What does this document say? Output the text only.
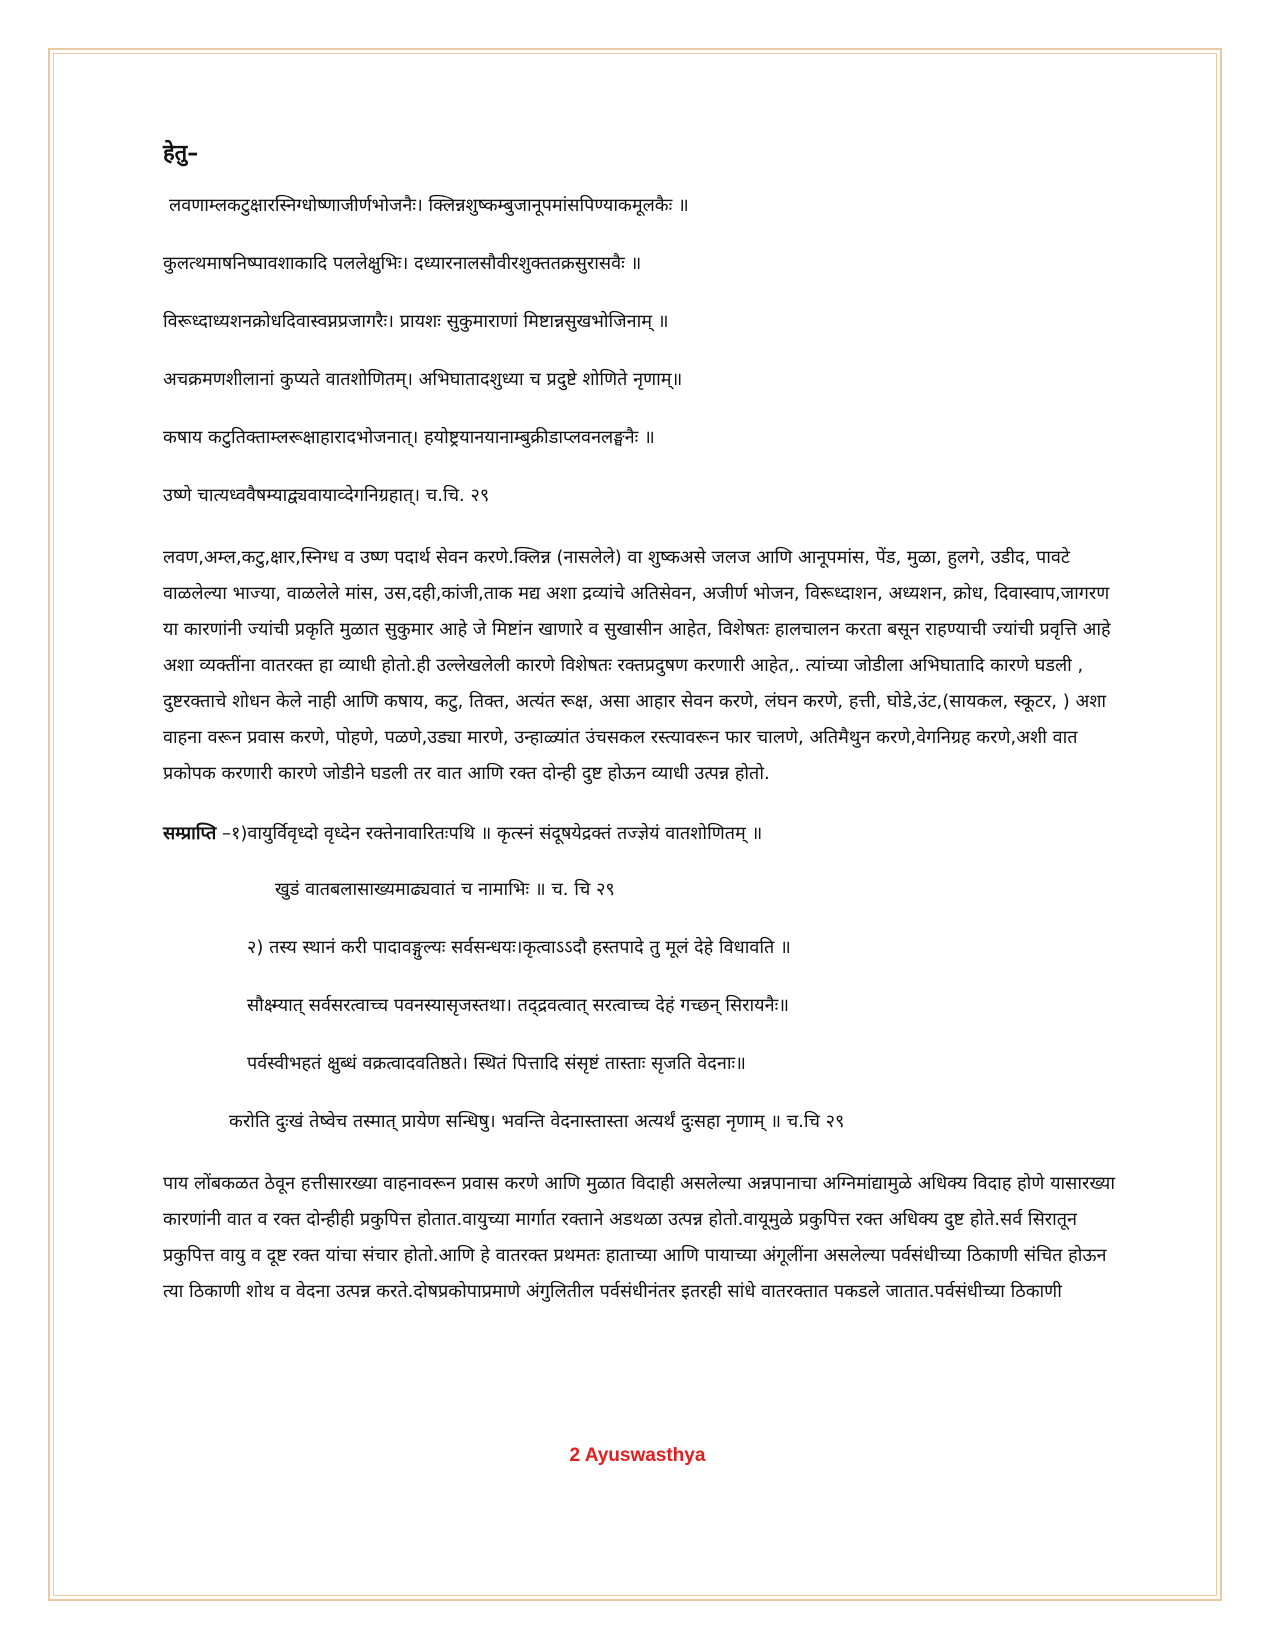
हेतु–
लवणाम्लकटुक्षारस्निग्धोष्णाजीर्णभोजनैः। क्लिन्नशुष्कम्बुजानूपमांसपिण्याकमूलकैः ॥
कुलत्थमाषनिष्पावशाकादि पललेक्षुभिः। दध्यारनालसौवीरशुक्ततक्रसुरासवैः ॥
विरूध्दाध्यशनक्रोधदिवास्वप्नप्रजागरैः। प्रायशः सुकुमाराणां मिष्टान्नसुखभोजिनाम् ॥
अचक्रमणशीलानां कुप्यते वातशोणितम्। अभिघातादशुध्या च प्रदुष्टे शोणिते नृणाम्॥
कषाय कटुतिक्ताम्लरूक्षाहारादभोजनात्। हयोष्ट्रयानयानाम्बुक्रीडाप्लवनलङ्घनैः ॥
उष्णे चात्यध्ववैषम्याद्व्यवायाव्देगनिग्रहात्। च.चि. २९
लवण,अम्ल,कटु,क्षार,स्निग्ध व उष्ण पदार्थ सेवन करणे.क्लिन्न (नासलेले) वा शुष्कअसे जलज आणि आनूपमांस, पेंड, मुळा, हुलगे, उडीद, पावटे वाळलेल्या भाज्या, वाळलेले मांस, उस,दही,कांजी,ताक मद्य अशा द्रव्यांचे अतिसेवन, अजीर्ण भोजन, विरूध्दाशन, अध्यशन, क्रोध, दिवास्वाप,जागरण या कारणांनी ज्यांची प्रकृति मुळात सुकुमार आहे जे मिष्टांन खाणारे व सुखासीन आहेत, विशेषतः हालचालन करता बसून राहण्याची ज्यांची प्रवृत्ति आहे अशा व्यक्तींना वातरक्त हा व्याधी होतो.ही उल्लेखलेली कारणे विशेषतः रक्तप्रदुषण करणारी आहेत,. त्यांच्या जोडीला अभिघातादि कारणे घडली , दुष्टरक्ताचे शोधन केले नाही आणि कषाय, कटु, तिक्त, अत्यंत रूक्ष, असा आहार सेवन करणे, लंघन करणे, हत्ती, घोडे,उंट,(सायकल, स्कूटर, ) अशा वाहना वरून प्रवास करणे, पोहणे, पळणे,उड्या मारणे, उन्हाळ्यांत उंचसकल रस्त्यावरून फार चालणे, अतिमैथुन करणे,वेगनिग्रह करणे,अशी वात प्रकोपक करणारी कारणे जोडीने घडली तर वात आणि रक्त दोन्ही दुष्ट होऊन व्याधी उत्पन्न होतो.
सम्प्राप्ति –१)वायुर्विवृध्दो वृध्देन रक्तेनावारितःपथि ॥ कृत्स्नं संदूषयेद्रक्तं तज्ज्ञेयं वातशोणितम् ॥
खुडं वातबलासाख्यमाढ्यवातं च नामाभिः ॥ च. चि २९
२) तस्य स्थानं करी पादावङ्गुल्यः सर्वसन्धयः।कृत्वाऽऽदौ हस्तपादे तु मूलं देहे विधावति ॥
सौक्ष्म्यात् सर्वसरत्वाच्च पवनस्यासृजस्तथा। तद्द्रवत्वात् सरत्वाच्च देहं गच्छन् सिरायनैः॥
पर्वस्वीभहतं क्षुब्धं वक्रत्वादवतिष्ठते। स्थितं पित्तादि संसृष्टं तास्ताः सृजति वेदनाः॥
करोति दुःखं तेष्वेच तस्मात् प्रायेण सन्धिषु। भवन्ति वेदनास्तास्ता अत्यर्थं दुःसहा नृणाम् ॥ च.चि २९
पाय लोंबकळत ठेवून हत्तीसारख्या वाहनावरून प्रवास करणे आणि मुळात विदाही असलेल्या अन्नपानाचा अग्निमांद्यामुळे अधिक्य विदाह होणे यासारख्या कारणांनी वात व रक्त दोन्हीही प्रकुपित्त होतात.वायुच्या मार्गात रक्ताने अडथळा उत्पन्न होतो.वायूमुळे प्रकुपित्त रक्त अधिक्य दुष्ट होते.सर्व सिरातून प्रकुपित्त वायु व दूष्ट रक्त यांचा संचार होतो.आणि हे वातरक्त प्रथमतः हाताच्या आणि पायाच्या अंगूलींना असलेल्या पर्वसंधीच्या ठिकाणी संचित होऊन त्या ठिकाणी शोथ व वेदना उत्पन्न करते.दोषप्रकोपाप्रमाणे अंगुलितील पर्वसंधीनंतर इतरही सांधे वातरक्तात पकडले जातात.पर्वसंधीच्या ठिकाणी
2 Ayuswasthya
